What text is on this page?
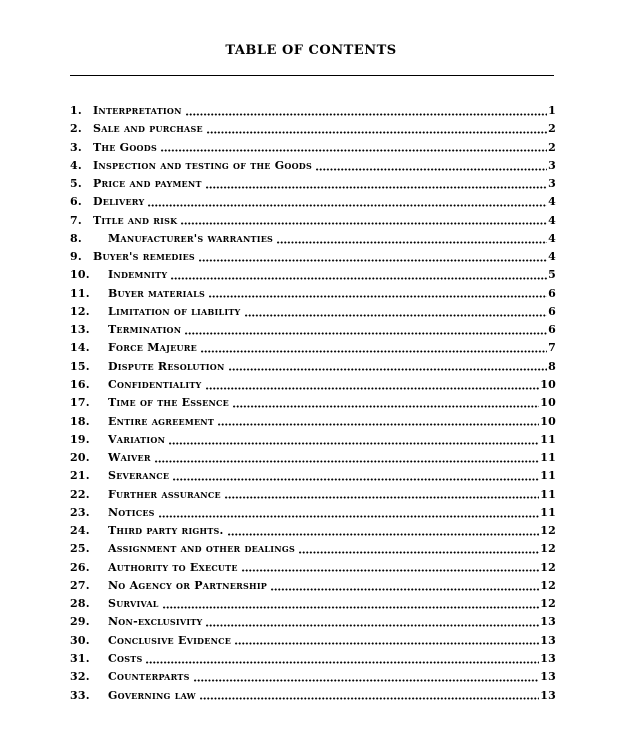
TABLE OF CONTENTS
1.	Interpretation	1
2.	Sale and purchase	2
3.	The Goods	2
4.	Inspection and testing of the Goods	3
5.	Price and payment	3
6.	Delivery	4
7.	Title and risk	4
8.	Manufacturer's warranties	4
9.	Buyer's remedies	4
10.	Indemnity	5
11.	Buyer materials	6
12.	Limitation of liability	6
13.	Termination	6
14.	Force Majeure	7
15.	Dispute Resolution	8
16.	Confidentiality	10
17.	Time of the Essence	10
18.	Entire agreement	10
19.	Variation	11
20.	Waiver	11
21.	Severance	11
22.	Further assurance	11
23.	Notices	11
24.	Third party rights.	12
25.	Assignment and other dealings	12
26.	Authority to Execute	12
27.	No Agency or Partnership	12
28.	Survival	12
29.	Non-exclusivity	13
30.	Conclusive Evidence	13
31.	Costs	13
32.	Counterparts	13
33.	Governing law	13
